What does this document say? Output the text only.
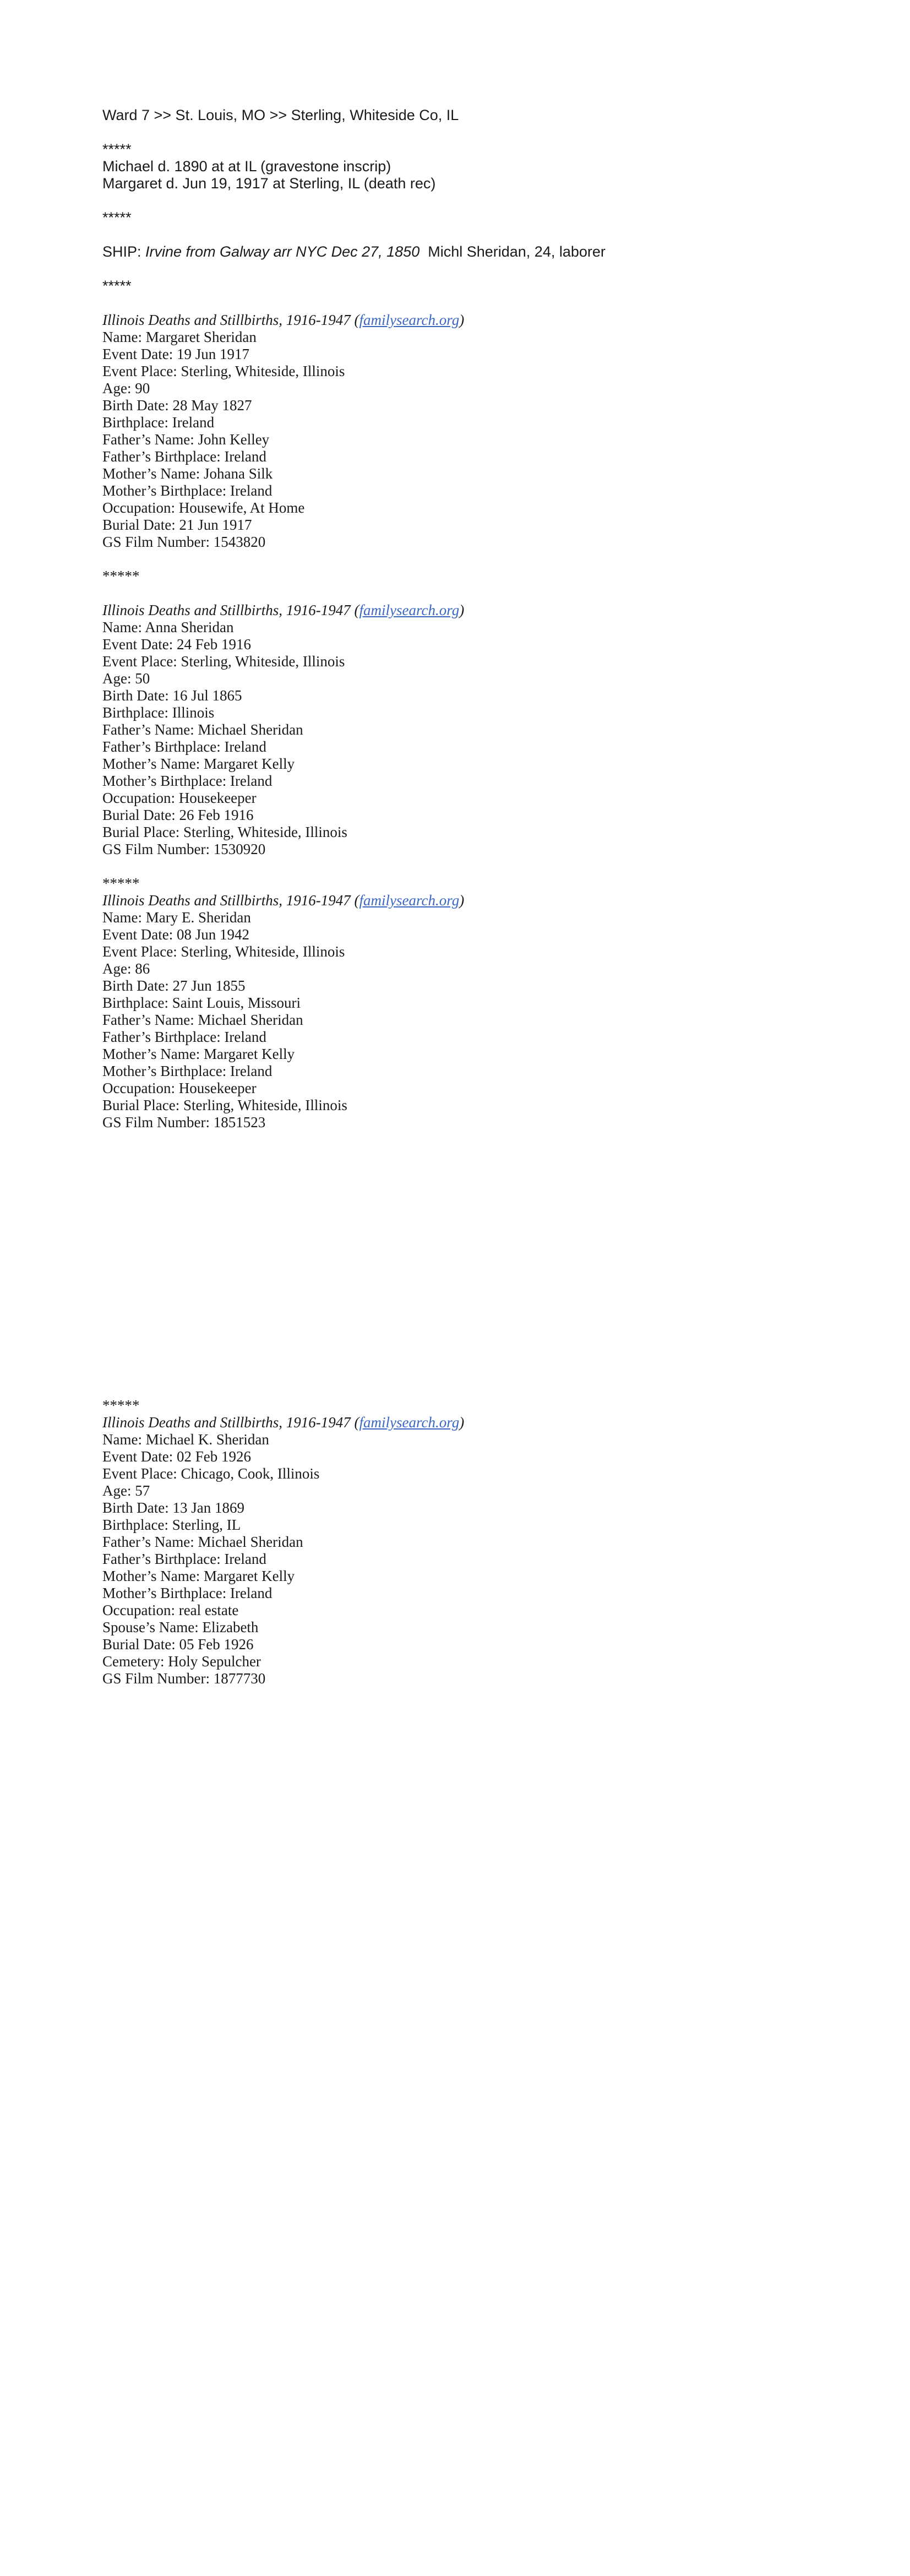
Ward 7 >> St. Louis, MO >> Sterling, Whiteside Co, IL
*****
Michael d. 1890 at at IL (gravestone inscrip)
Margaret d. Jun 19, 1917 at Sterling, IL (death rec)
*****
SHIP: Irvine from Galway arr NYC Dec 27, 1850  Michl Sheridan, 24, laborer
*****
Illinois Deaths and Stillbirths, 1916-1947 (familysearch.org)
Name: Margaret Sheridan
Event Date: 19 Jun 1917
Event Place: Sterling, Whiteside, Illinois
Age: 90
Birth Date: 28 May 1827
Birthplace: Ireland
Father’s Name: John Kelley
Father’s Birthplace: Ireland
Mother’s Name: Johana Silk
Mother’s Birthplace: Ireland
Occupation: Housewife, At Home
Burial Date: 21 Jun 1917
GS Film Number: 1543820
*****
Illinois Deaths and Stillbirths, 1916-1947 (familysearch.org)
Name: Anna Sheridan
Event Date: 24 Feb 1916
Event Place: Sterling, Whiteside, Illinois
Age: 50
Birth Date: 16 Jul 1865
Birthplace: Illinois
Father’s Name: Michael Sheridan
Father’s Birthplace: Ireland
Mother’s Name: Margaret Kelly
Mother’s Birthplace: Ireland
Occupation: Housekeeper
Burial Date: 26 Feb 1916
Burial Place: Sterling, Whiteside, Illinois
GS Film Number: 1530920
*****
Illinois Deaths and Stillbirths, 1916-1947 (familysearch.org)
Name: Mary E. Sheridan
Event Date: 08 Jun 1942
Event Place: Sterling, Whiteside, Illinois
Age: 86
Birth Date: 27 Jun 1855
Birthplace: Saint Louis, Missouri
Father’s Name: Michael Sheridan
Father’s Birthplace: Ireland
Mother’s Name: Margaret Kelly
Mother’s Birthplace: Ireland
Occupation: Housekeeper
Burial Place: Sterling, Whiteside, Illinois
GS Film Number: 1851523
*****
Illinois Deaths and Stillbirths, 1916-1947 (familysearch.org)
Name: Michael K. Sheridan
Event Date: 02 Feb 1926
Event Place: Chicago, Cook, Illinois
Age: 57
Birth Date: 13 Jan 1869
Birthplace: Sterling, IL
Father’s Name: Michael Sheridan
Father’s Birthplace: Ireland
Mother’s Name: Margaret Kelly
Mother’s Birthplace: Ireland
Occupation: real estate
Spouse’s Name: Elizabeth
Burial Date: 05 Feb 1926
Cemetery: Holy Sepulcher
GS Film Number: 1877730
